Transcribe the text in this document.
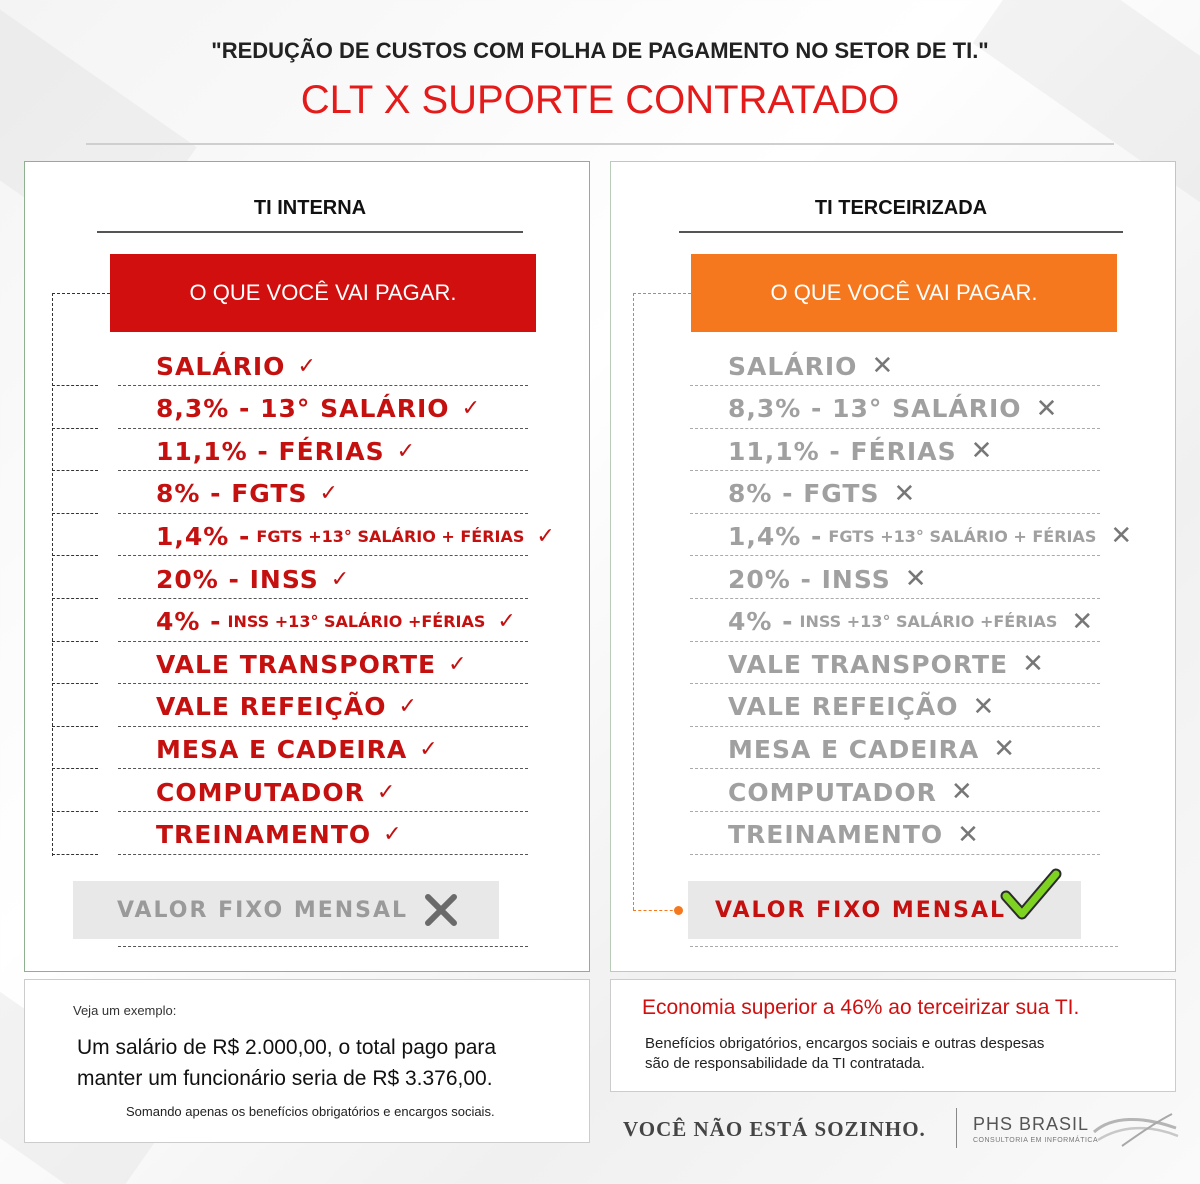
"REDUÇÃO DE CUSTOS COM FOLHA DE PAGAMENTO NO SETOR DE TI."
CLT X SUPORTE CONTRATADO
TI INTERNA
O QUE VOCÊ VAI PAGAR.
SALÁRIO ✓
8,3% - 13° SALÁRIO ✓
11,1% - FÉRIAS ✓
8% - FGTS ✓
1,4% - FGTS +13° SALÁRIO + FÉRIAS ✓
20% - INSS ✓
4% - INSS +13° SALÁRIO +FÉRIAS ✓
VALE TRANSPORTE ✓
VALE REFEIÇÃO ✓
MESA E CADEIRA ✓
COMPUTADOR ✓
TREINAMENTO ✓
VALOR FIXO MENSAL
TI TERCEIRIZADA
O QUE VOCÊ VAI PAGAR.
SALÁRIO ✕
8,3% - 13° SALÁRIO ✕
11,1% - FÉRIAS ✕
8% - FGTS ✕
1,4% - FGTS +13° SALÁRIO + FÉRIAS ✕
20% - INSS ✕
4% - INSS +13° SALÁRIO +FÉRIAS ✕
VALE TRANSPORTE ✕
VALE REFEIÇÃO ✕
MESA E CADEIRA ✕
COMPUTADOR ✕
TREINAMENTO ✕
VALOR FIXO MENSAL
Veja um exemplo:
Um salário de R$ 2.000,00, o total pago para
manter um funcionário seria de R$ 3.376,00.
Somando apenas os benefícios obrigatórios e encargos sociais.
Economia superior a 46% ao terceirizar sua TI.
Benefícios obrigatórios, encargos sociais e outras despesas
são de responsabilidade da TI contratada.
VOCÊ NÃO ESTÁ SOZINHO.	PHS BRASIL
CONSULTORIA EM INFORMÁTICA
